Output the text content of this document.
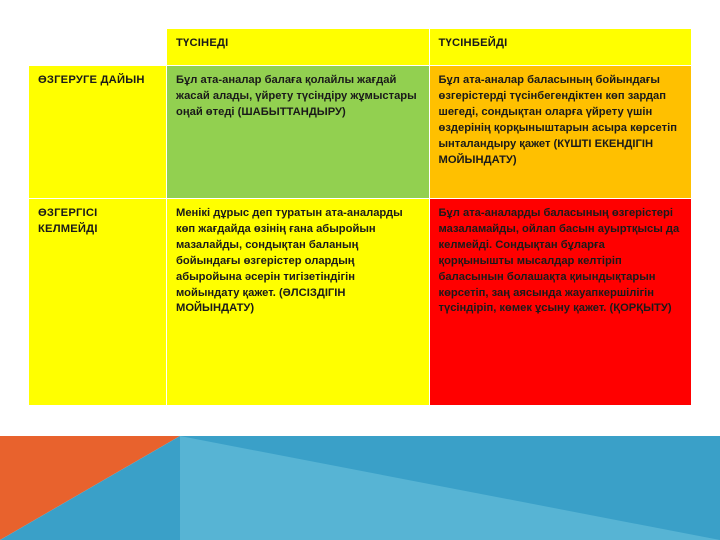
	ТҮСІНЕДІ	ТҮСІНБЕЙДІ
ӨЗГЕРУГЕ ДАЙЫН	Бұл ата-аналар балаға қолайлы жағдай жасай алады, үйрету түсіндіру жұмыстары оңай өтеді (ШАБЫТТАНДЫРУ)	Бұл ата-аналар баласының бойындағы өзгерістерді түсінбегендіктен көп зардап шегеді, сондықтан оларға үйрету үшін өздерінің қорқыныштарын асыра көрсетіп ынталандыру қажет (КҮШТІ ЕКЕНДІГІН МОЙЫНДАТУ)
ӨЗГЕРГІСІ КЕЛМЕЙДІ	Менікі дұрыс деп туратын ата-аналарды көп жағдайда өзінің ғана абыройын мазалайды, сондықтан баланың бойындағы өзгерістер олардың абыройына әсерін тигізетіндігін мойындату қажет. (ӘЛСІЗДІГІН МОЙЫНДАТУ)	Бұл ата-аналарды баласының өзгерістері мазаламайды, ойлап басын ауыртқысы да келмейді. Сондықтан бұларға қорқынышты мысалдар келтіріп баласынын болашақта қиындықтарын көрсетіп, заң аясында жауапкершілігін түсіндіріп, көмек ұсыну қажет. (ҚОРҚЫТУ)
